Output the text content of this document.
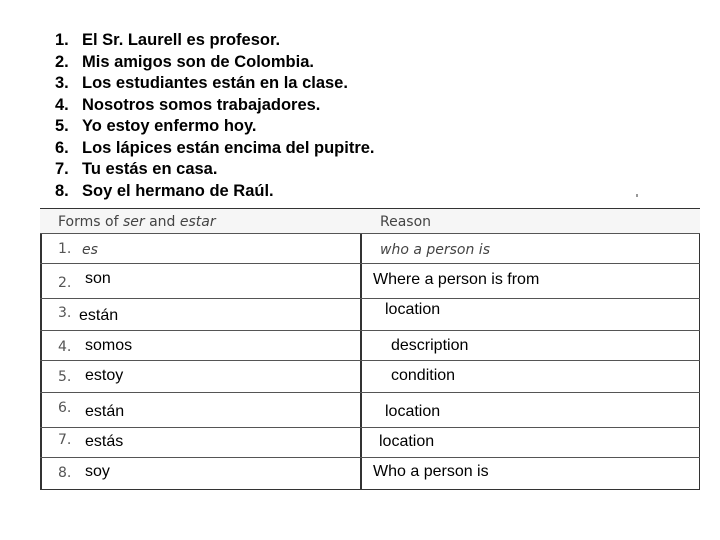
1. El Sr. Laurell es profesor.
2. Mis amigos son de Colombia.
3. Los estudiantes están en la clase.
4. Nosotros somos trabajadores.
5. Yo estoy enfermo hoy.
6. Los lápices están encima del pupitre.
7. Tu estás en casa.
8. Soy el hermano de Raúl.
Forms of ser and estar	Reason
1. es	who a person is
2. son	Where a person is from
3. están	location
4. somos	description
5. estoy	condition
6. están	location
7. estás	location
8. soy	Who a person is
